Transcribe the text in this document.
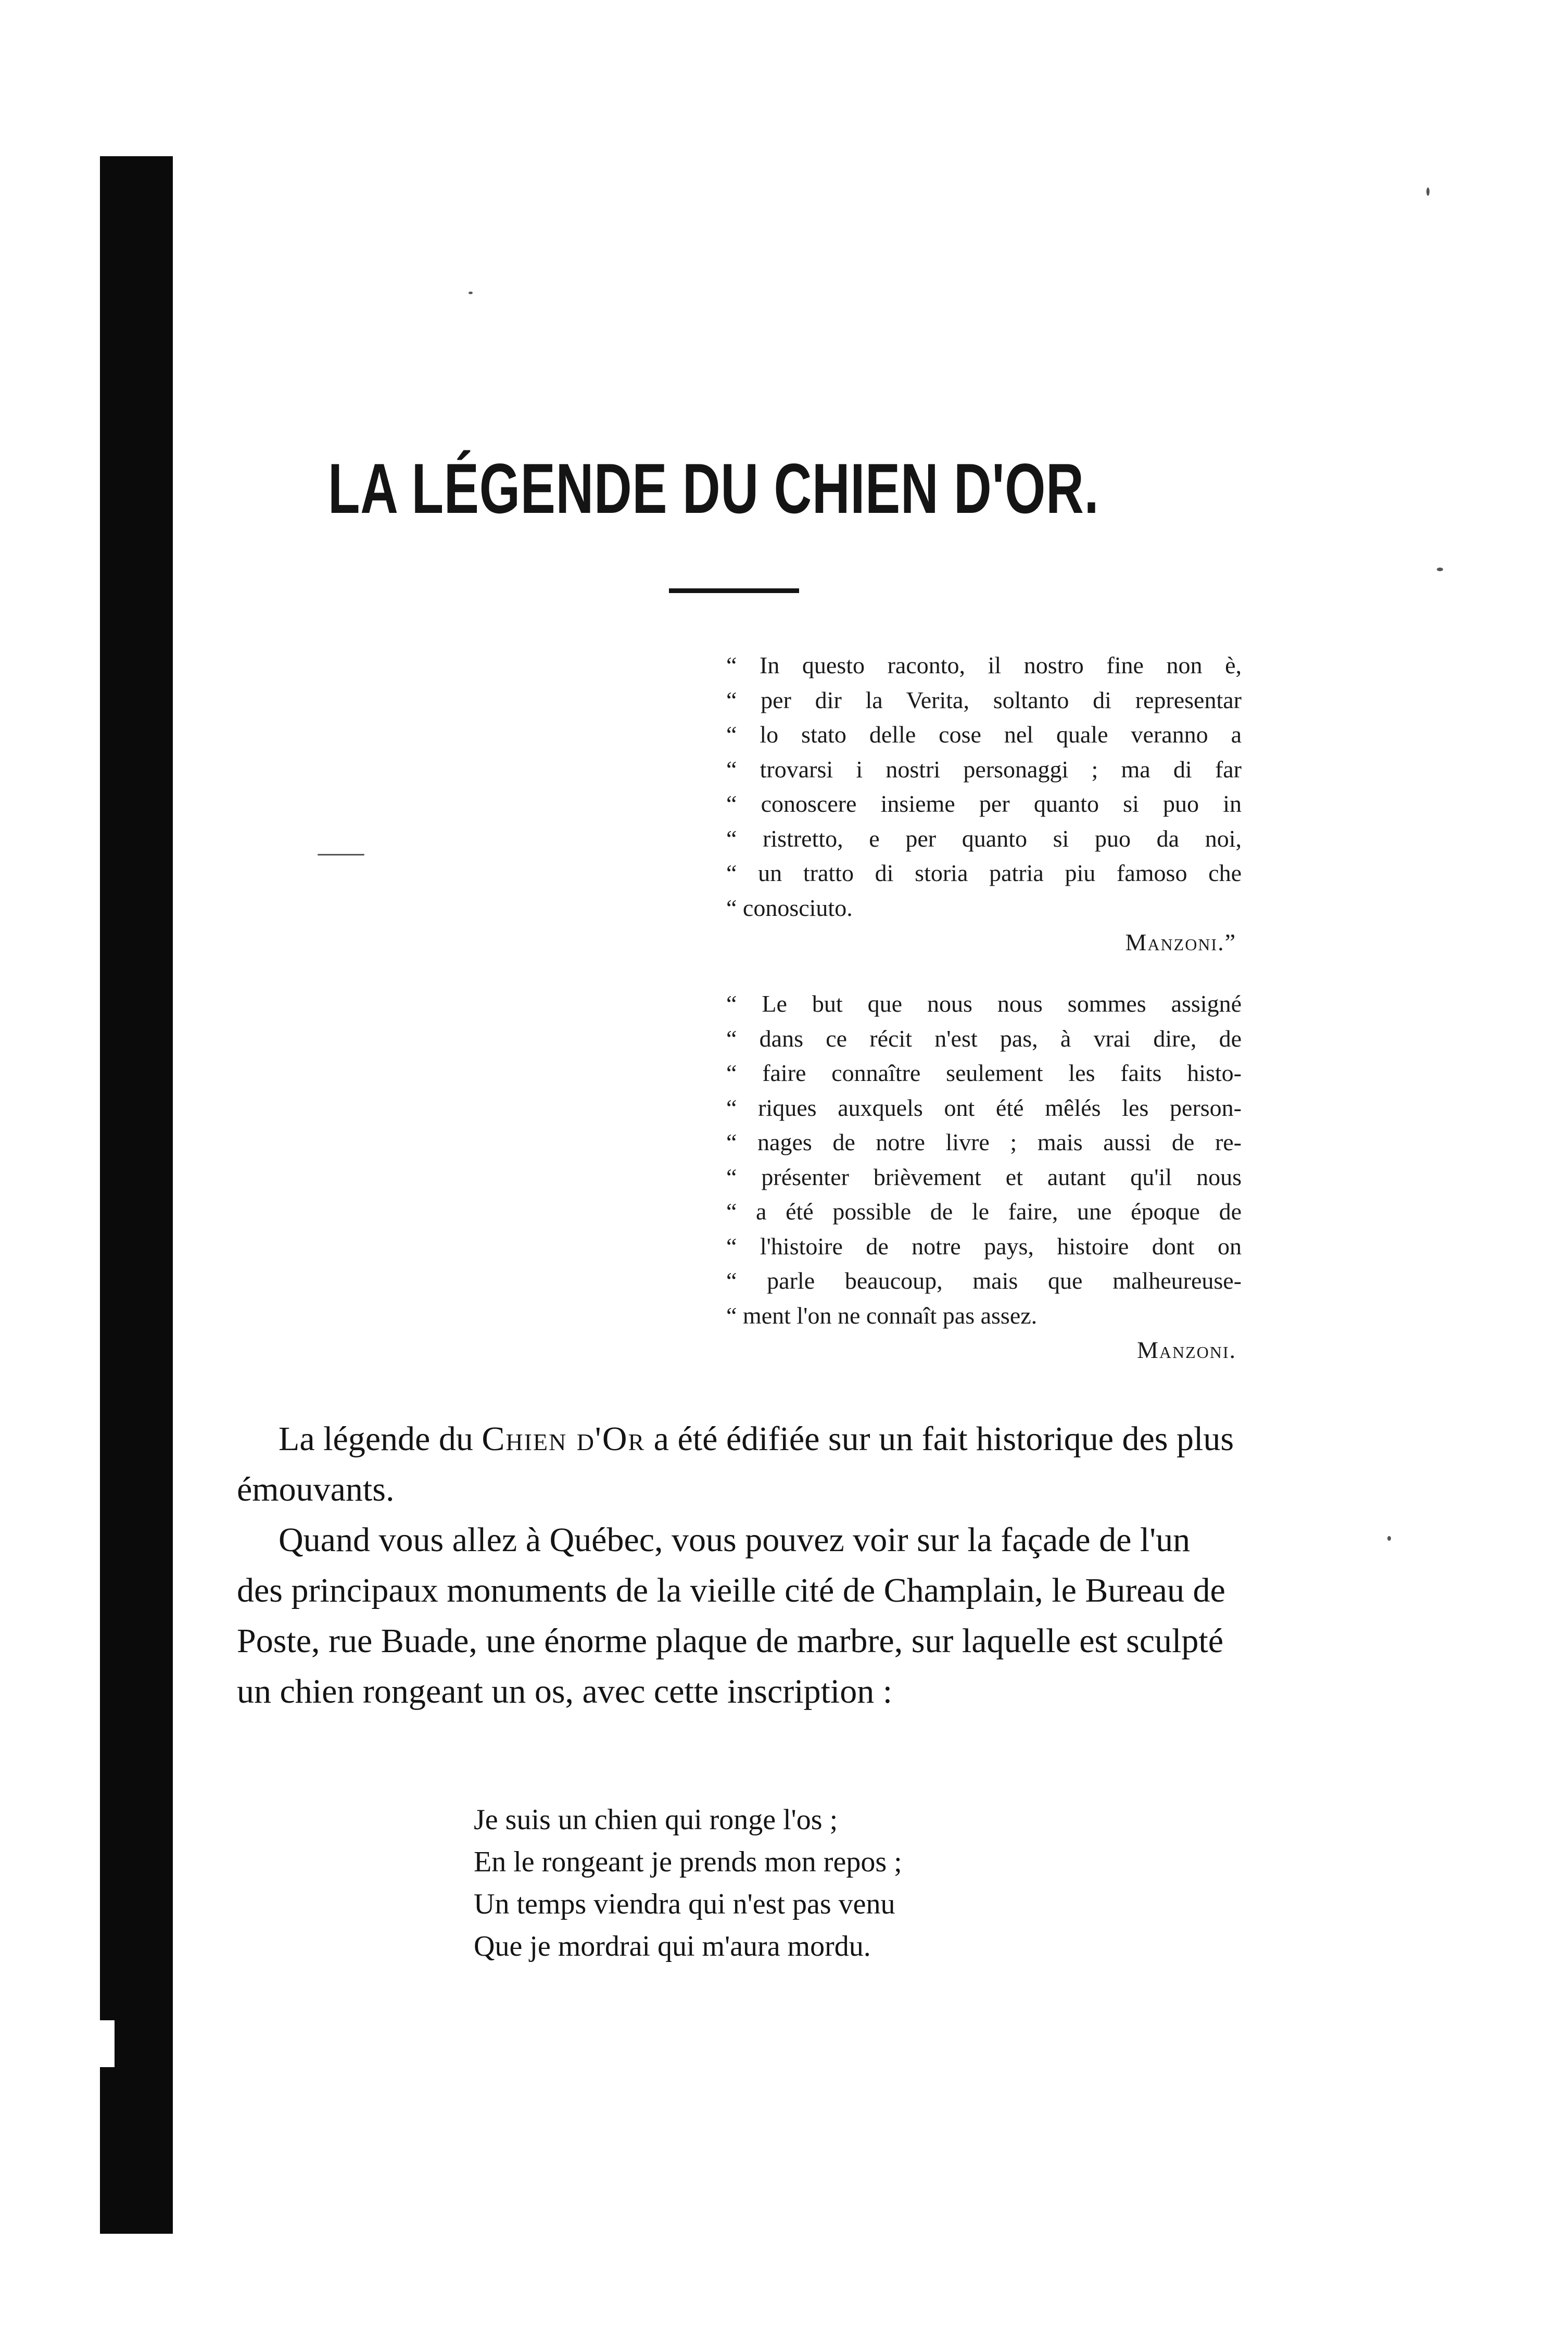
LA LÉGENDE DU CHIEN D'OR.
“ In questo raconto, il nostro fine non è,
“ per dir la Verita, soltanto di representar
“ lo stato delle cose nel quale veranno a
“ trovarsi i nostri personaggi ; ma di far
“ conoscere insieme per quanto si puo in
“ ristretto, e per quanto si puo da noi,
“ un tratto di storia patria piu famoso che
“ conosciuto.
Manzoni.”
“ Le but que nous nous sommes assigné
“ dans ce récit n'est pas, à vrai dire, de
“ faire connaître seulement les faits histo-
“ riques auxquels ont été mêlés les person-
“ nages de notre livre ; mais aussi de re-
“ présenter brièvement et autant qu'il nous
“ a été possible de le faire, une époque de
“ l'histoire de notre pays, histoire dont on
“ parle beaucoup, mais que malheureuse-
“ ment l'on ne connaît pas assez.
Manzoni.

La légende du Chien d'Or a été édifiée sur un fait historique des plus émouvants.

Quand vous allez à Québec, vous pouvez voir sur la façade de l'un des principaux monuments de la vieille cité de Champlain, le Bureau de Poste, rue Buade, une énorme plaque de marbre, sur laquelle est sculpté un chien rongeant un os, avec cette inscription :

Je suis un chien qui ronge l'os ;
En le rongeant je prends mon repos ;
Un temps viendra qui n'est pas venu
Que je mordrai qui m'aura mordu.
